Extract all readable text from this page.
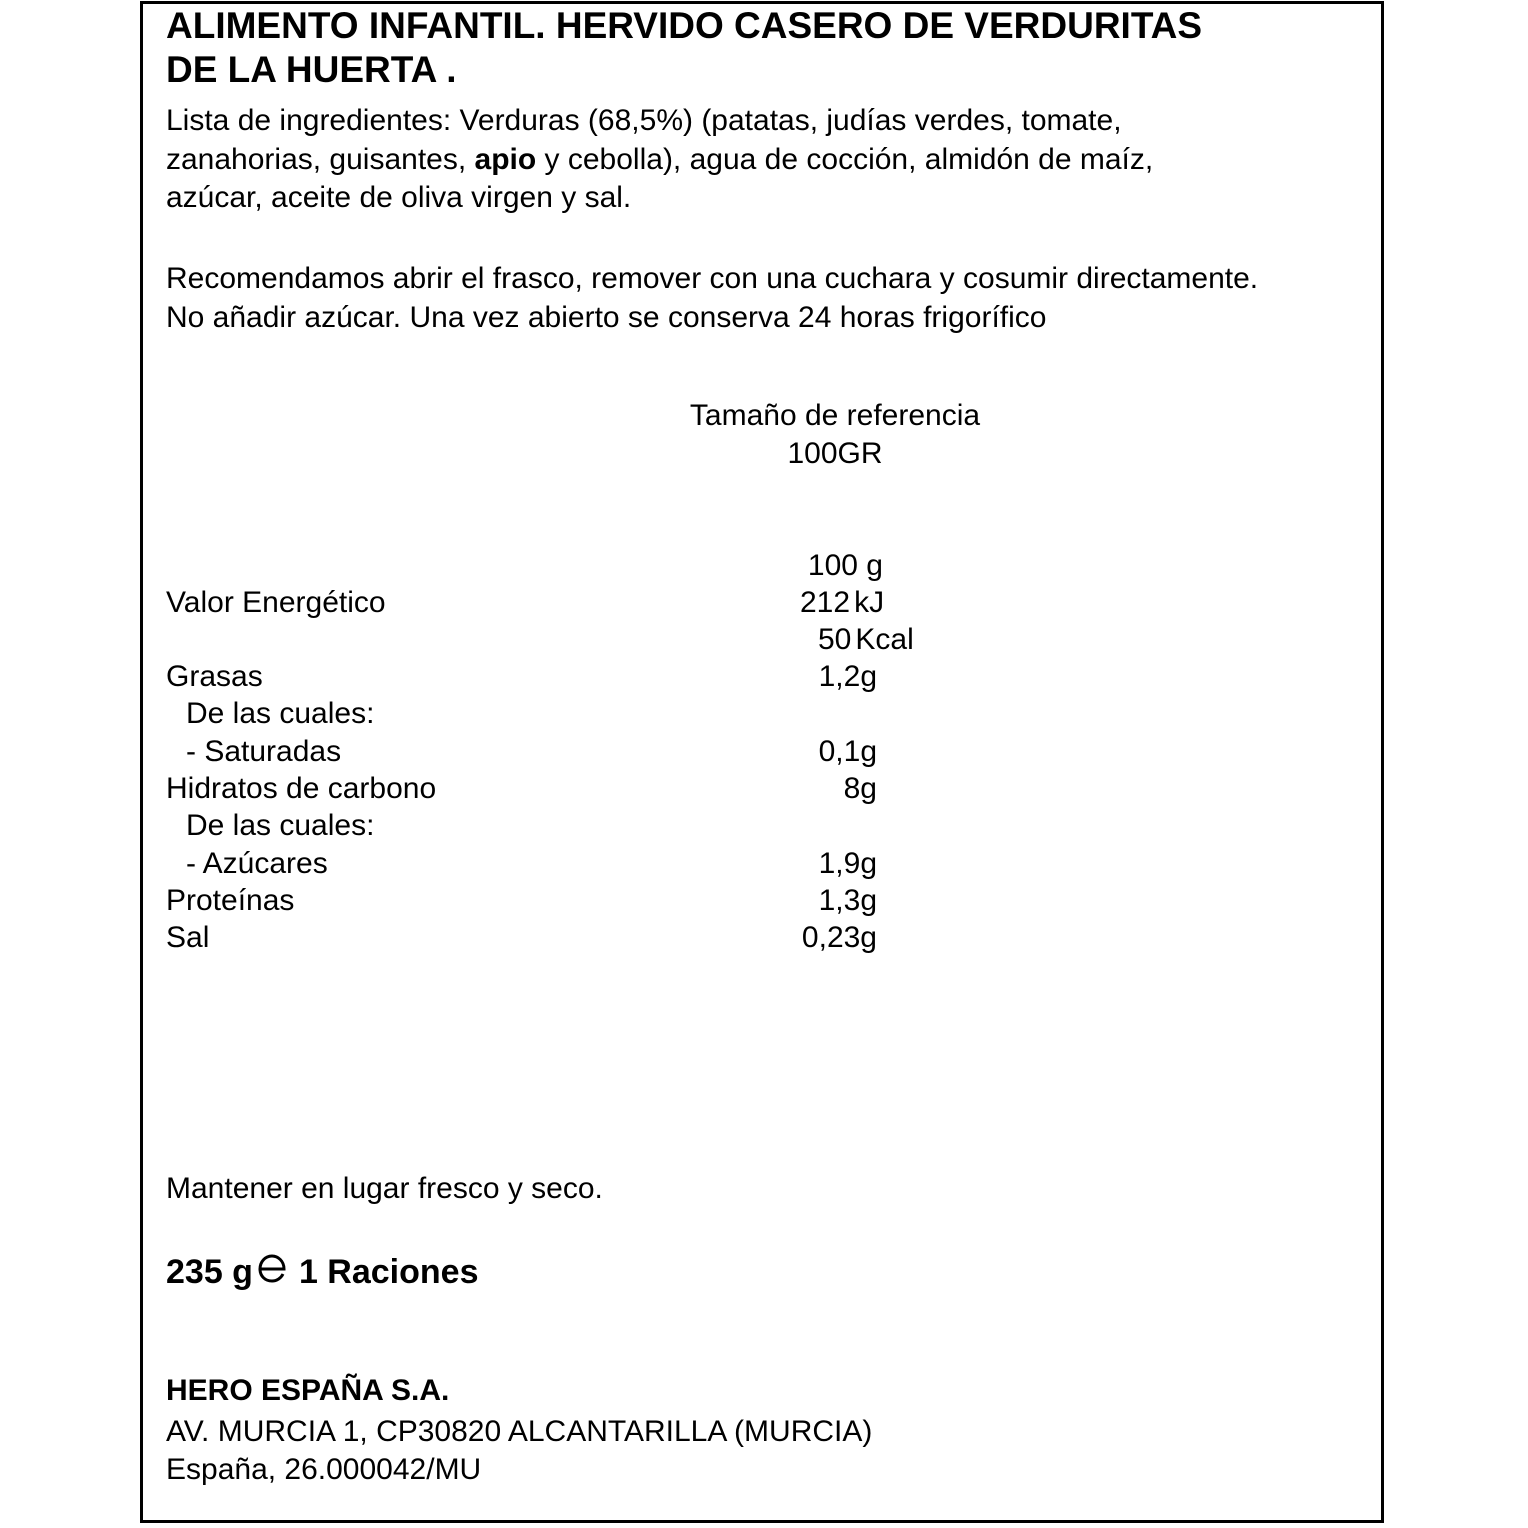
ALIMENTO INFANTIL. HERVIDO CASERO DE VERDURITAS
DE LA HUERTA .
Lista de ingredientes: Verduras (68,5%) (patatas, judías verdes, tomate,
zanahorias, guisantes, apio y cebolla), agua de cocción, almidón de maíz,
azúcar, aceite de oliva virgen y sal.
Recomendamos abrir el frasco, remover con una cuchara y cosumir directamente.
No añadir azúcar. Una vez abierto se conserva 24 horas frigorífico
Tamaño de referencia
100GR
100 g
Valor Energético	212 kJ
50 Kcal
Grasas	1,2g
De las cuales:
- Saturadas	0,1g
Hidratos de carbono	8g
De las cuales:
- Azúcares	1,9g
Proteínas	1,3g
Sal	0,23g
Mantener en lugar fresco y seco.
235 g 1 Raciones
HERO ESPAÑA S.A.
AV. MURCIA 1, CP30820 ALCANTARILLA (MURCIA)
España, 26.000042/MU
